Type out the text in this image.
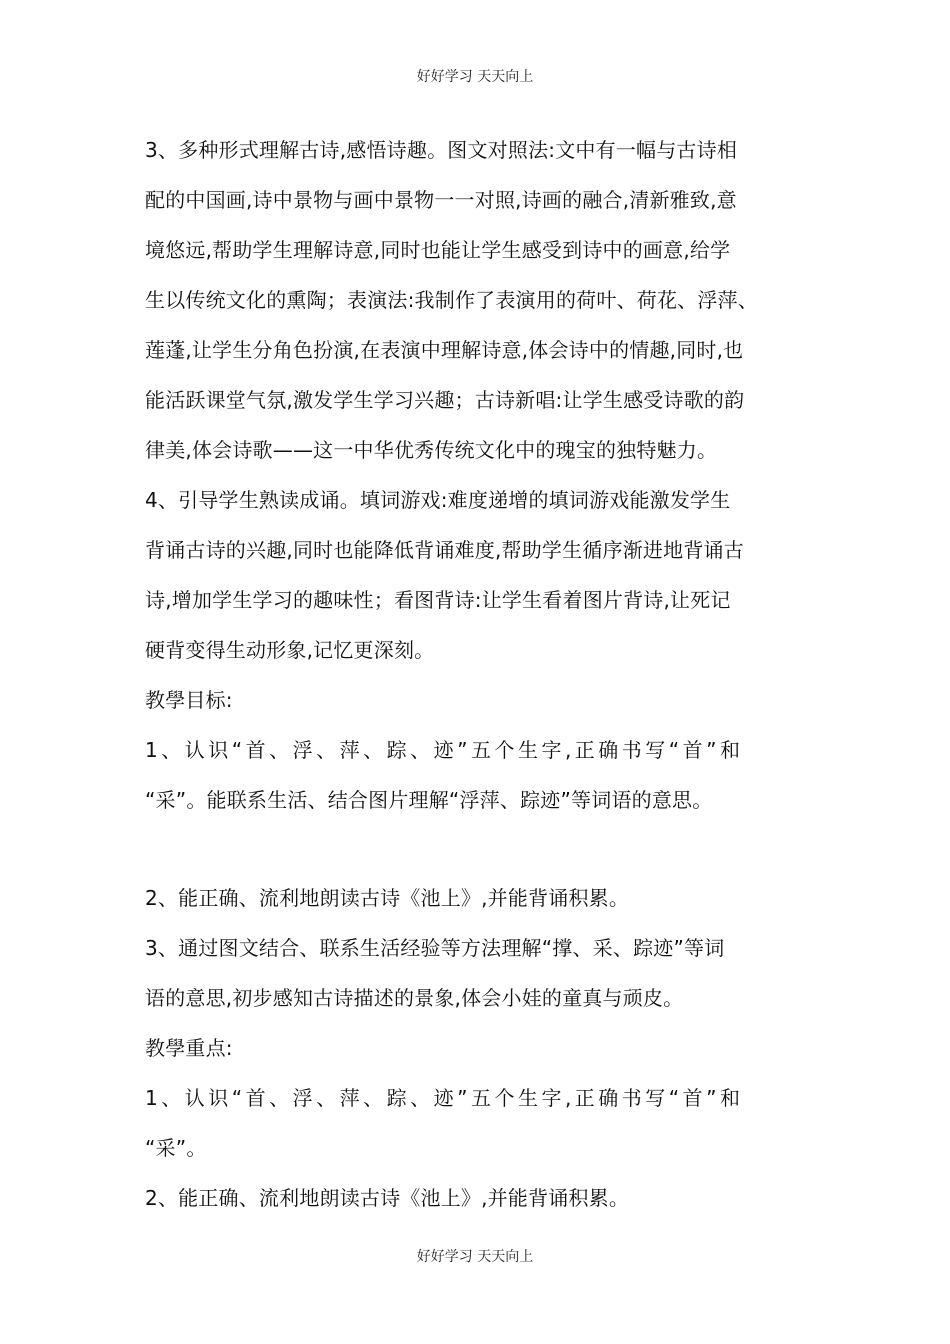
好好学习 天天向上
3、多种形式理解古诗,感悟诗趣。图文对照法:文中有一幅与古诗相
配的中国画,诗中景物与画中景物一一对照,诗画的融合,清新雅致,意
境悠远,帮助学生理解诗意,同时也能让学生感受到诗中的画意,给学
生以传统文化的熏陶；表演法:我制作了表演用的荷叶、荷花、浮萍、
莲蓬,让学生分角色扮演,在表演中理解诗意,体会诗中的情趣,同时,也
能活跃课堂气氛,激发学生学习兴趣；古诗新唱:让学生感受诗歌的韵
律美,体会诗歌——这一中华优秀传统文化中的瑰宝的独特魅力。
4、引导学生熟读成诵。填词游戏:难度递增的填词游戏能激发学生
背诵古诗的兴趣,同时也能降低背诵难度,帮助学生循序渐进地背诵古
诗,增加学生学习的趣味性；看图背诗:让学生看着图片背诗,让死记
硬背变得生动形象,记忆更深刻。
教學目标:
1、认识“首、浮、萍、踪、迹”五个生字,正确书写“首”和
“采”。能联系生活、结合图片理解“浮萍、踪迹”等词语的意思。
2、能正确、流利地朗读古诗《池上》,并能背诵积累。
3、通过图文结合、联系生活经验等方法理解“撑、采、踪迹”等词
语的意思,初步感知古诗描述的景象,体会小娃的童真与顽皮。
教學重点:
1、认识“首、浮、萍、踪、迹”五个生字,正确书写“首”和
“采”。
2、能正确、流利地朗读古诗《池上》,并能背诵积累。
好好学习 天天向上
